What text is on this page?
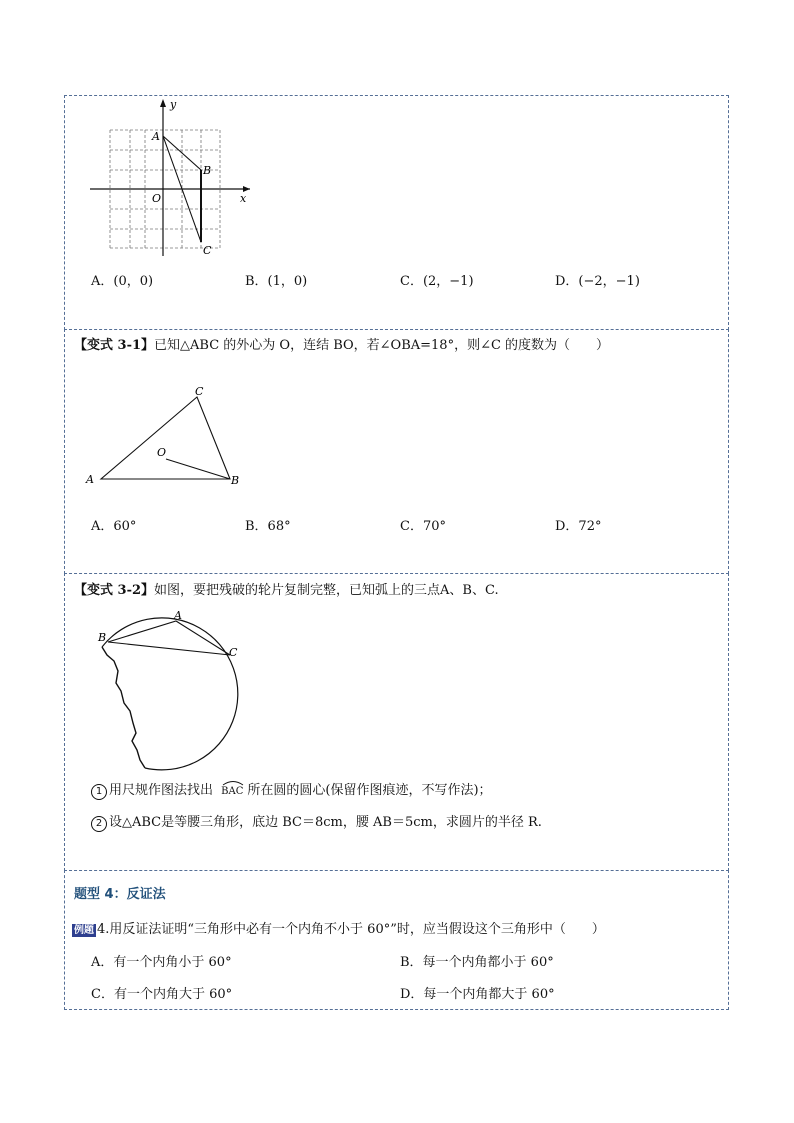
y
x
A
B
C
O
A．(0，0)	B．(1，0)	C．(2，−1)	D．(−2，−1)
【变式 3-1】已知△ABC 的外心为 O，连结 BO，若∠OBA=18°，则∠C 的度数为（　　）
A	B
C
O
A．60°	B．68°	C．70°	D．72°
【变式 3-2】如图，要把残破的轮片复制完整，已知弧上的三点A、B、C.
A
B
C
1 用尺规作图法找出 BAC 所在圆的圆心(保留作图痕迹，不写作法)；
2 设△ABC是等腰三角形，底边 BC＝8cm，腰 AB＝5cm，求圆片的半径 R.
题型 4：反证法
例题 4.用反证法证明“三角形中必有一个内角不小于 60°”时，应当假设这个三角形中（　　）
A．有一个内角小于 60°	B．每一个内角都小于 60°
C．有一个内角大于 60°	D．每一个内角都大于 60°
